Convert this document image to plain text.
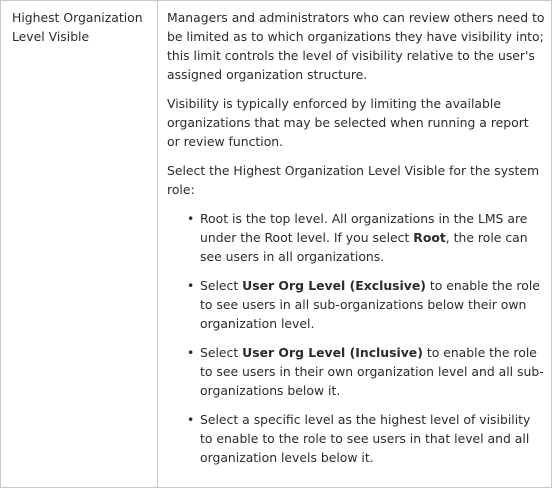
Highest Organization Level Visible

Managers and administrators who can review others need to be limited as to which organizations they have visibility into; this limit controls the level of visibility relative to the user's assigned organization structure.

Visibility is typically enforced by limiting the available organizations that may be selected when running a report or review function.

Select the Highest Organization Level Visible for the system role:

• Root is the top level. All organizations in the LMS are under the Root level. If you select Root, the role can see users in all organizations.
• Select User Org Level (Exclusive) to enable the role to see users in all sub-organizations below their own organization level.
• Select User Org Level (Inclusive) to enable the role to see users in their own organization level and all sub-organizations below it.
• Select a specific level as the highest level of visibility to enable to the role to see users in that level and all organization levels below it.
